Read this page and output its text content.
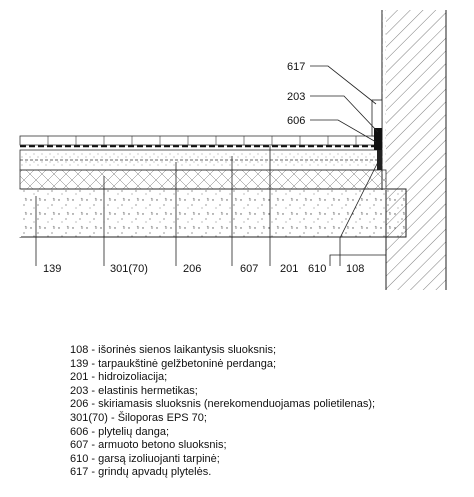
617
203
606
139	301(70)	206	607 201 610 108
108 - išorinės sienos laikantysis sluoksnis;
139 - tarpaukštinė gelžbetoninė perdanga;
201 - hidroizoliacija;
203 - elastinis hermetikas;
206 - skiriamasis sluoksnis (nerekomenduojamas polietilenas);
301(70) - Šiloporas EPS 70;
606 - plytelių danga;
607 - armuoto betono sluoksnis;
610 - garsą izoliuojanti tarpinė;
617 - grindų apvadų plytelės.
